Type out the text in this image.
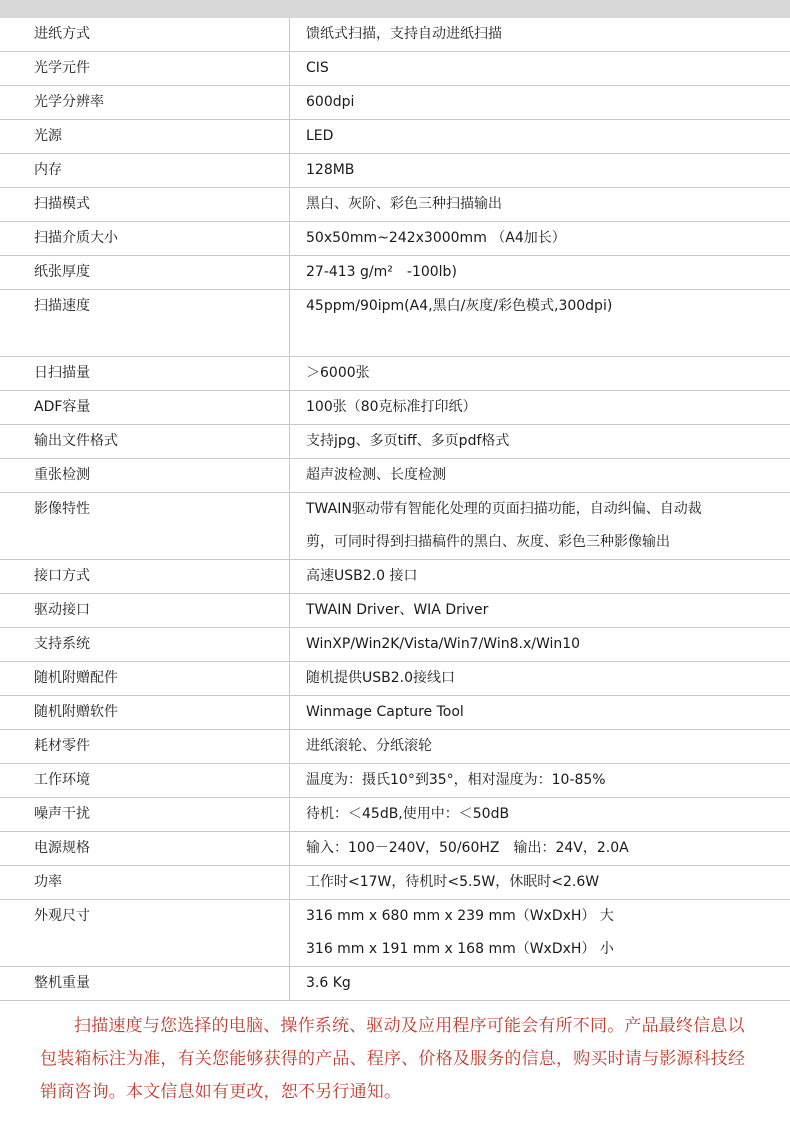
进纸方式	馈纸式扫描，支持自动进纸扫描
光学元件	CIS
光学分辨率	600dpi
光源	LED
内存	128MB
扫描模式	黑白、灰阶、彩色三种扫描输出
扫描介质大小	50x50mm~242x3000mm （A4加长）
纸张厚度	27-413 g/m²　-100lb)
扫描速度	45ppm/90ipm(A4,黑白/灰度/彩色模式,300dpi)
日扫描量	＞6000张
ADF容量	100张（80克标准打印纸）
输出文件格式	支持jpg、多页tiff、多页pdf格式
重张检测	超声波检测、长度检测
影像特性	TWAIN驱动带有智能化处理的页面扫描功能，自动纠偏、自动裁
剪，可同时得到扫描稿件的黑白、灰度、彩色三种影像输出
接口方式	高速USB2.0 接口
驱动接口	TWAIN Driver、WIA Driver
支持系统	WinXP/Win2K/Vista/Win7/Win8.x/Win10
随机附赠配件	随机提供USB2.0接线口
随机附赠软件	Winmage Capture Tool
耗材零件	进纸滚轮、分纸滚轮
工作环境	温度为：摄氏10°到35°，相对湿度为：10-85%
噪声干扰	待机：＜45dB,使用中：＜50dB
电源规格	输入：100－240V，50/60HZ　输出：24V，2.0A
功率	工作时<17W，待机时<5.5W，休眠时<2.6W
外观尺寸	316 mm x 680 mm x 239 mm（WxDxH） 大
316 mm x 191 mm x 168 mm（WxDxH） 小
整机重量	3.6 Kg
扫描速度与您选择的电脑、操作系统、驱动及应用程序可能会有所不同。产品最终信息以包装箱标注为准，有关您能够获得的产品、程序、价格及服务的信息，购买时请与影源科技经销商咨询。本文信息如有更改，恕不另行通知。
